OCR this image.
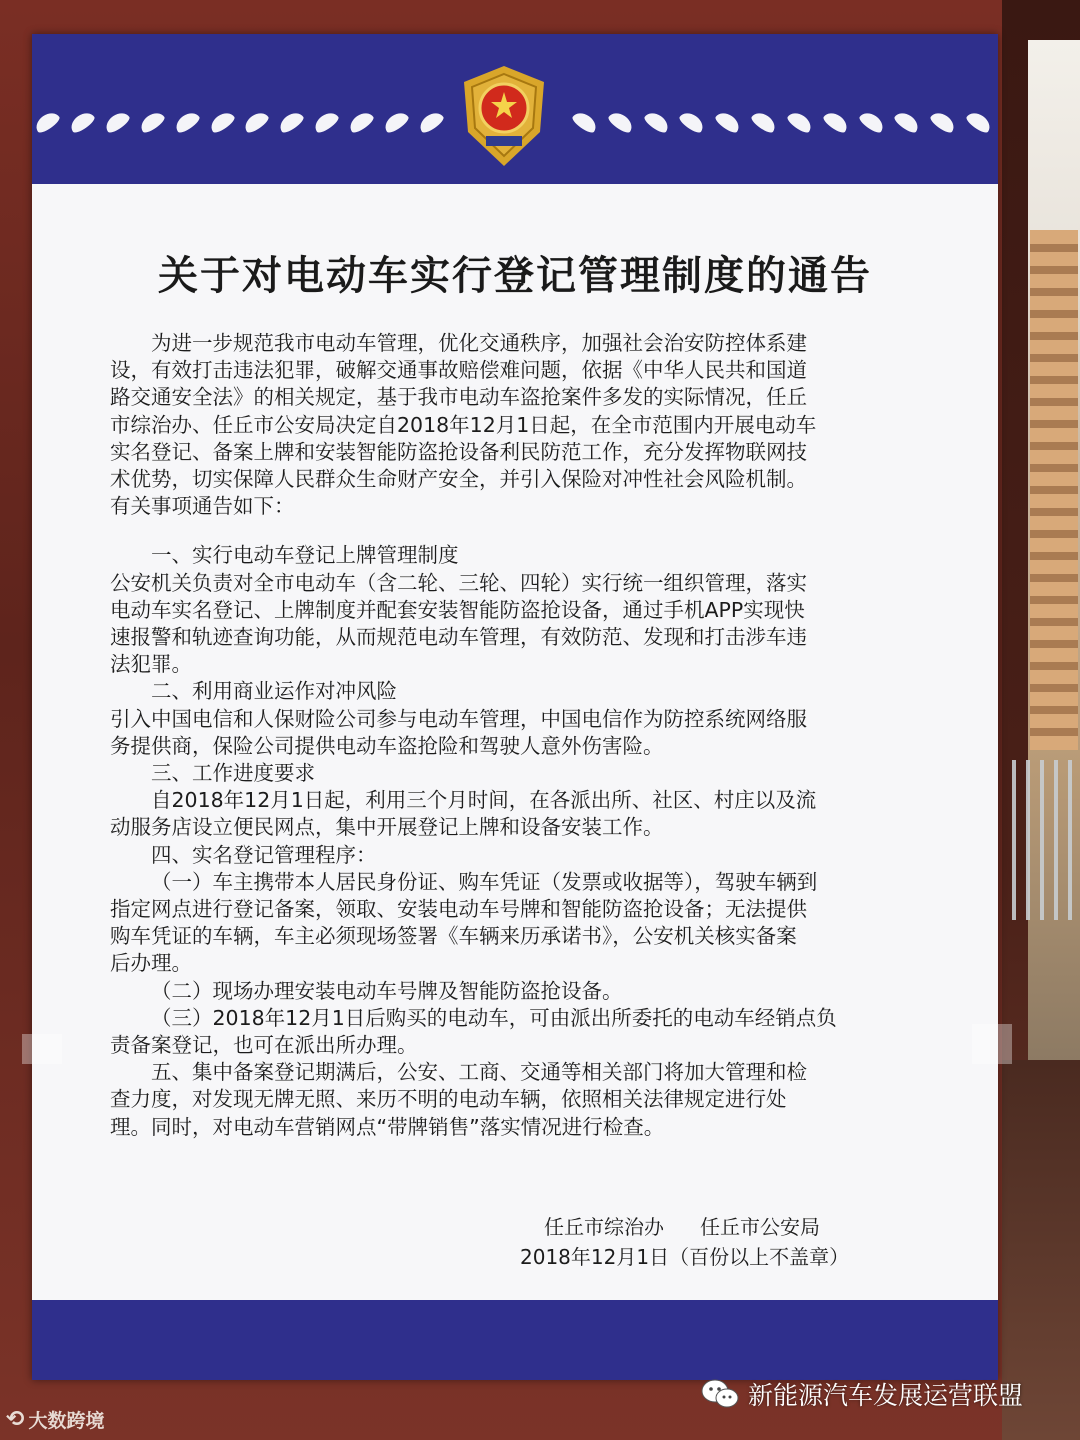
关于对电动车实行登记管理制度的通告

为进一步规范我市电动车管理，优化交通秩序，加强社会治安防控体系建

设，有效打击违法犯罪，破解交通事故赔偿难问题，依据《中华人民共和国道

路交通安全法》的相关规定，基于我市电动车盗抢案件多发的实际情况，任丘

市综治办、任丘市公安局决定自2018年12月1日起，在全市范围内开展电动车

实名登记、备案上牌和安装智能防盗抢设备利民防范工作，充分发挥物联网技

术优势，切实保障人民群众生命财产安全，并引入保险对冲性社会风险机制。

有关事项通告如下：

一、实行电动车登记上牌管理制度

公安机关负责对全市电动车（含二轮、三轮、四轮）实行统一组织管理，落实

电动车实名登记、上牌制度并配套安装智能防盗抢设备，通过手机APP实现快

速报警和轨迹查询功能，从而规范电动车管理，有效防范、发现和打击涉车违

法犯罪。

二、利用商业运作对冲风险

引入中国电信和人保财险公司参与电动车管理，中国电信作为防控系统网络服

务提供商，保险公司提供电动车盗抢险和驾驶人意外伤害险。

三、工作进度要求

自2018年12月1日起，利用三个月时间，在各派出所、社区、村庄以及流

动服务店设立便民网点，集中开展登记上牌和设备安装工作。

四、实名登记管理程序：

（一）车主携带本人居民身份证、购车凭证（发票或收据等），驾驶车辆到

指定网点进行登记备案，领取、安装电动车号牌和智能防盗抢设备；无法提供

购车凭证的车辆，车主必须现场签署《车辆来历承诺书》，公安机关核实备案

后办理。

（二）现场办理安装电动车号牌及智能防盗抢设备。

（三）2018年12月1日后购买的电动车，可由派出所委托的电动车经销点负

责备案登记，也可在派出所办理。

五、集中备案登记期满后，公安、工商、交通等相关部门将加大管理和检

查力度，对发现无牌无照、来历不明的电动车辆，依照相关法律规定进行处

理。同时，对电动车营销网点“带牌销售”落实情况进行检查。

任丘市综治办 任丘市公安局
2018年12月1日（百份以上不盖章）
⟲ 大数跨境
新能源汽车发展运营联盟
